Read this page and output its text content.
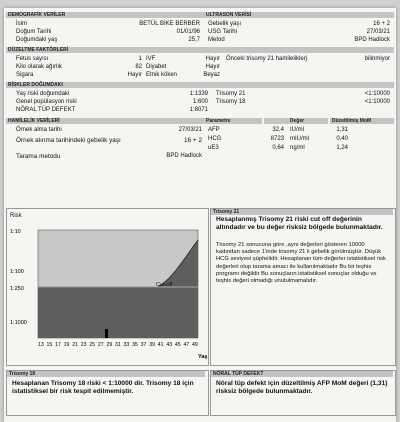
DEMOGRAFİK VERİLER
İsim	BETÜL BİKE BERBER
Doğum Tarihi	01/01/96
Doğumdaki yaş	25,7
ULTRASON VERİSİ
Gebelik yaşı	16 + 2
USG Tarihi	27/03/21
Metod	BPD Hadlock
DÜZELTME FAKTÖRLERİ
Fetus sayısı	1 IVF	Hayır
Kilo olarak ağırlık	82 Diyabet	Hayır
Sigara	Hayır Etnik köken	Beyaz
Önceki trisomy 21 hamileliklerj	bilinmiyor
RİSKLER DOĞUMDAKI
Yaş riski doğumdaki	1:1339
Genel popülasyon riski	1:600
NÖRAL TÜP DEFEKT	1:8071
Trisomy 21	<1:10000
Trisomy 18	<1:10000
HAMİLELİK VERİLERİ
Örnek alma tarihi	27/03/21
Örnek alınma tarihindeki gebelik yaşı	16 + 2
Tarama metodu	BPD Hadlock
Parametre	Değer	Düzeltilmiş MoM
AFP	32,4 IU/ml	1,31
HCG	8723 mIU/ml	0,40
uE3	0,64 ng/ml	1,24
Risk
Cut-off
1:10
1:100
1:250
1:1000
13 15 17 19 21 23 25 27 29 31 33 35 37 39 41 43 45 47 49
Yaş
Trisomy 21
Hesaplanmış Trisomy 21 riski cut off değerinin altındadır ve bu değer risksiz bölgede bulunmaktadır.
Trisomy 21 sonucuna göre ,aynı değerleri gösteren 10000 kadından sadece 1'inde trisomy 21 li gebelik görülmüştür. Düşük HCG seviyesi şüphelidir. Hesaplanan tüm değerler istatistiksel risk değerleri olup tarama amacı ile kullanılmaktadır Bu bir teşhis programı değildir Bu sonuçların istatistiksel sonuçlar olduğu ve teşhis değeri olmadığı unutulmamalıdır.
Trisomy 18
Hesaplanan Trisomy 18 riski < 1:10000 dir. Trisomy 18 için istatistiksel bir risk tespit edilmemiştir.
NÖRAL TÜP DEFEKT
Nöral tüp defekt için düzeltilmiş AFP MoM değeri (1,31) risksiz bölgede bulunmaktadır.
